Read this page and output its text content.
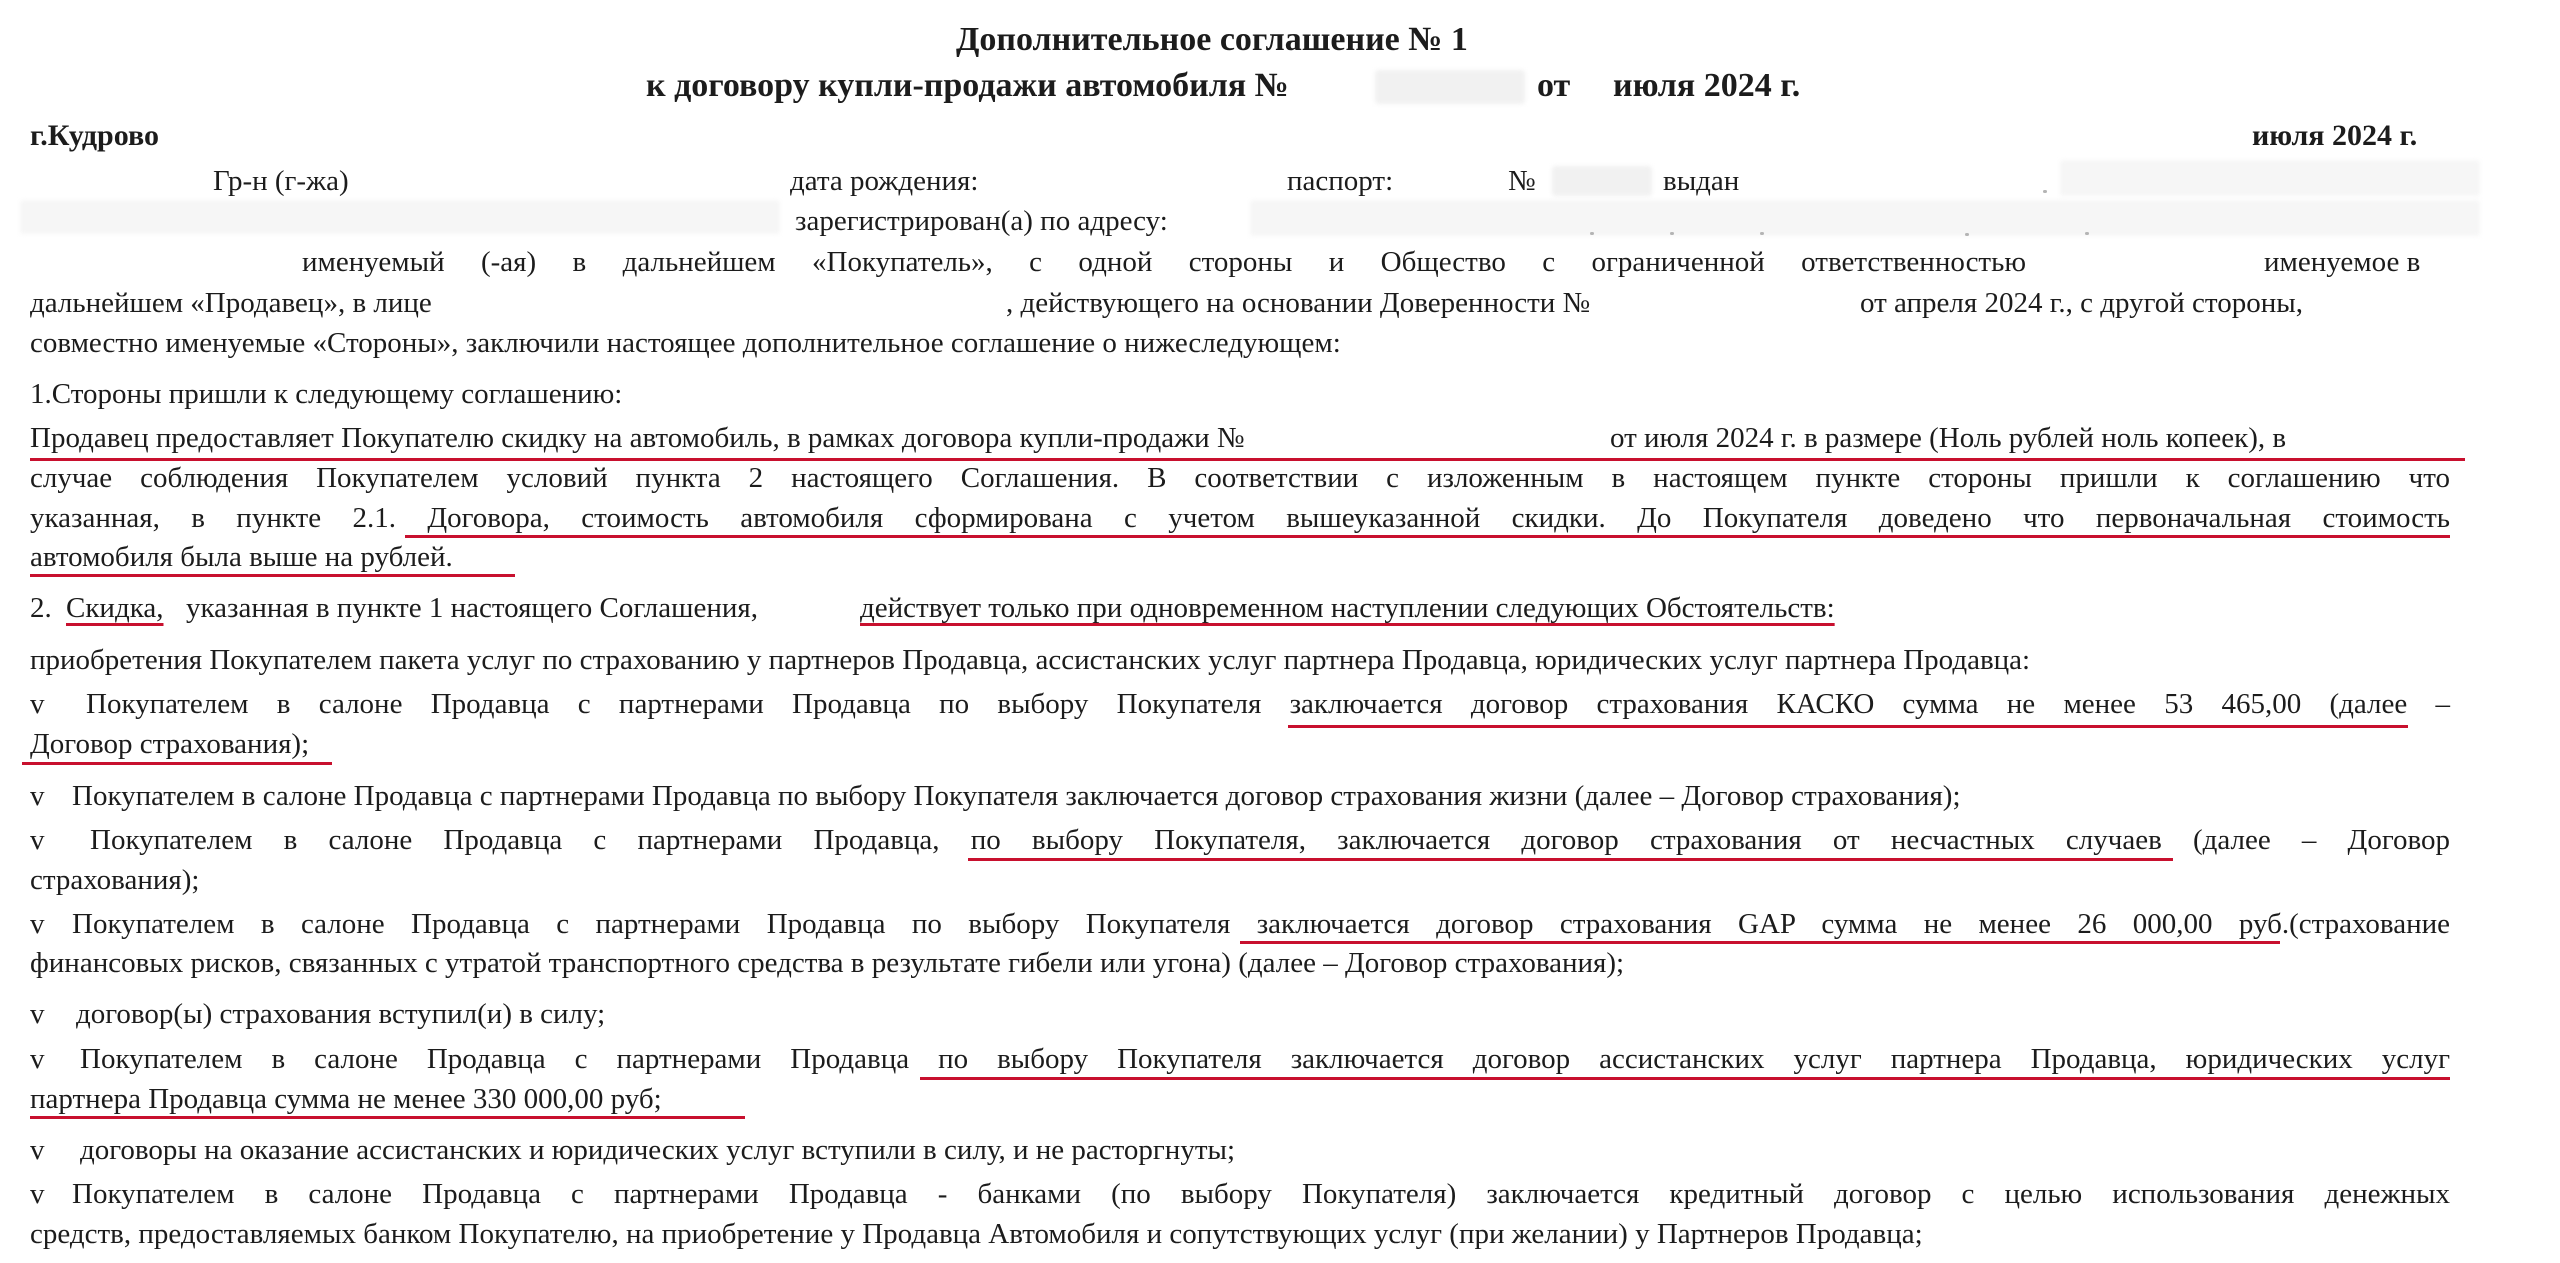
Дополнительное соглашение № 1
к договору купли-продажи автомобиля №	от июля 2024 г.
г.Кудрово	июля 2024 г.
Гр-н (г-жа)	дата рождения:	паспорт:	№	выдан
зарегистрирован(а) по адресу:
именуемый (-ая) в дальнейшем «Покупатель», с одной стороны и Общество с ограниченной ответственностью	именуемое в
дальнейшем «Продавец», в лице	, действующего на основании Доверенности №	от апреля 2024 г., с другой стороны,
совместно именуемые «Стороны», заключили настоящее дополнительное соглашение о нижеследующем:
1.Стороны пришли к следующему соглашению:
Продавец предоставляет Покупателю скидку на автомобиль, в рамках договора купли-продажи №	от июля 2024 г. в размере (Ноль рублей ноль копеек), в
случае соблюдения Покупателем условий пункта 2 настоящего Соглашения. В соответствии с изложенным в настоящем пункте стороны пришли к соглашению что
указанная, в пункте 2.1. Договора, стоимость автомобиля сформирована с учетом вышеуказанной скидки. До Покупателя доведено что первоначальная стоимость
автомобиля была выше на рублей.
2. Скидка, указанная в пункте 1 настоящего Соглашения,	действует только при одновременном наступлении следующих Обстоятельств:
приобретения Покупателем пакета услуг по страхованию у партнеров Продавца, ассистанских услуг партнера Продавца, юридических услуг партнера Продавца:
v Покупателем в салоне Продавца с партнерами Продавца по выбору Покупателя заключается договор страхования КАСКО сумма не менее 53 465,00 (далее –
Договор страхования);
v Покупателем в салоне Продавца с партнерами Продавца по выбору Покупателя заключается договор страхования жизни (далее – Договор страхования);
v Покупателем в салоне Продавца с партнерами Продавца, по выбору Покупателя, заключается договор страхования от несчастных случаев (далее – Договор
страхования);
v Покупателем в салоне Продавца с партнерами Продавца по выбору Покупателя заключается договор страхования GAP сумма не менее 26 000,00 руб.(страхование
финансовых рисков, связанных с утратой транспортного средства в результате гибели или угона) (далее – Договор страхования);
v договор(ы) страхования вступил(и) в силу;
v Покупателем в салоне Продавца с партнерами Продавца по выбору Покупателя заключается договор ассистанских услуг партнера Продавца, юридических услуг
партнера Продавца сумма не менее 330 000,00 руб;
v договоры на оказание ассистанских и юридических услуг вступили в силу, и не расторгнуты;
v Покупателем в салоне Продавца с партнерами Продавца - банками (по выбору Покупателя) заключается кредитный договор с целью использования денежных
средств, предоставляемых банком Покупателю, на приобретение у Продавца Автомобиля и сопутствующих услуг (при желании) у Партнеров Продавца;
